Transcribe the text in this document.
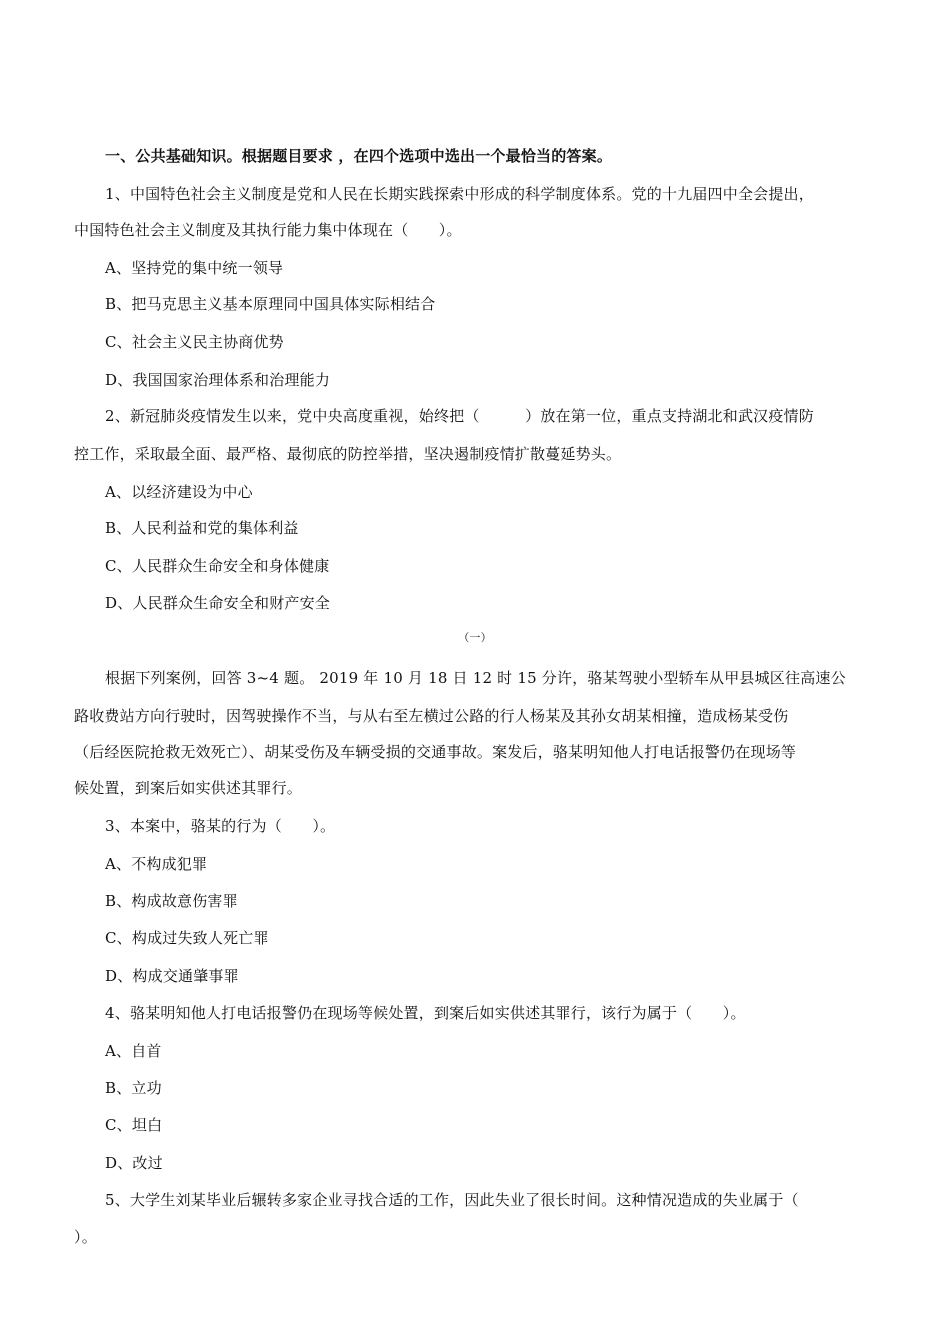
一、公共基础知识。根据题目要求 ，在四个选项中选出一个最恰当的答案。
1、中国特色社会主义制度是党和人民在长期实践探索中形成的科学制度体系。党的十九届四中全会提出，
中国特色社会主义制度及其执行能力集中体现在（　　）。
A、坚持党的集中统一领导
B、把马克思主义基本原理同中国具体实际相结合
C、社会主义民主协商优势
D、我国国家治理体系和治理能力
2、新冠肺炎疫情发生以来，党中央高度重视，始终把（　　　）放在第一位，重点支持湖北和武汉疫情防
控工作，采取最全面、最严格、最彻底的防控举措，坚决遏制疫情扩散蔓延势头。
A、以经济建设为中心
B、人民利益和党的集体利益
C、人民群众生命安全和身体健康
D、人民群众生命安全和财产安全
（一）
根据下列案例，回答 3~4 题。 2019 年 10 月 18 日 12 时 15 分许，骆某驾驶小型轿车从甲县城区往高速公
路收费站方向行驶时，因驾驶操作不当，与从右至左横过公路的行人杨某及其孙女胡某相撞，造成杨某受伤
（后经医院抢救无效死亡）、胡某受伤及车辆受损的交通事故。案发后，骆某明知他人打电话报警仍在现场等
候处置，到案后如实供述其罪行。
3、本案中，骆某的行为（　　）。
A、不构成犯罪
B、构成故意伤害罪
C、构成过失致人死亡罪
D、构成交通肇事罪
4、骆某明知他人打电话报警仍在现场等候处置，到案后如实供述其罪行，该行为属于（　　）。
A、自首
B、立功
C、坦白
D、改过
5、大学生刘某毕业后辗转多家企业寻找合适的工作，因此失业了很长时间。这种情况造成的失业属于（
）。
